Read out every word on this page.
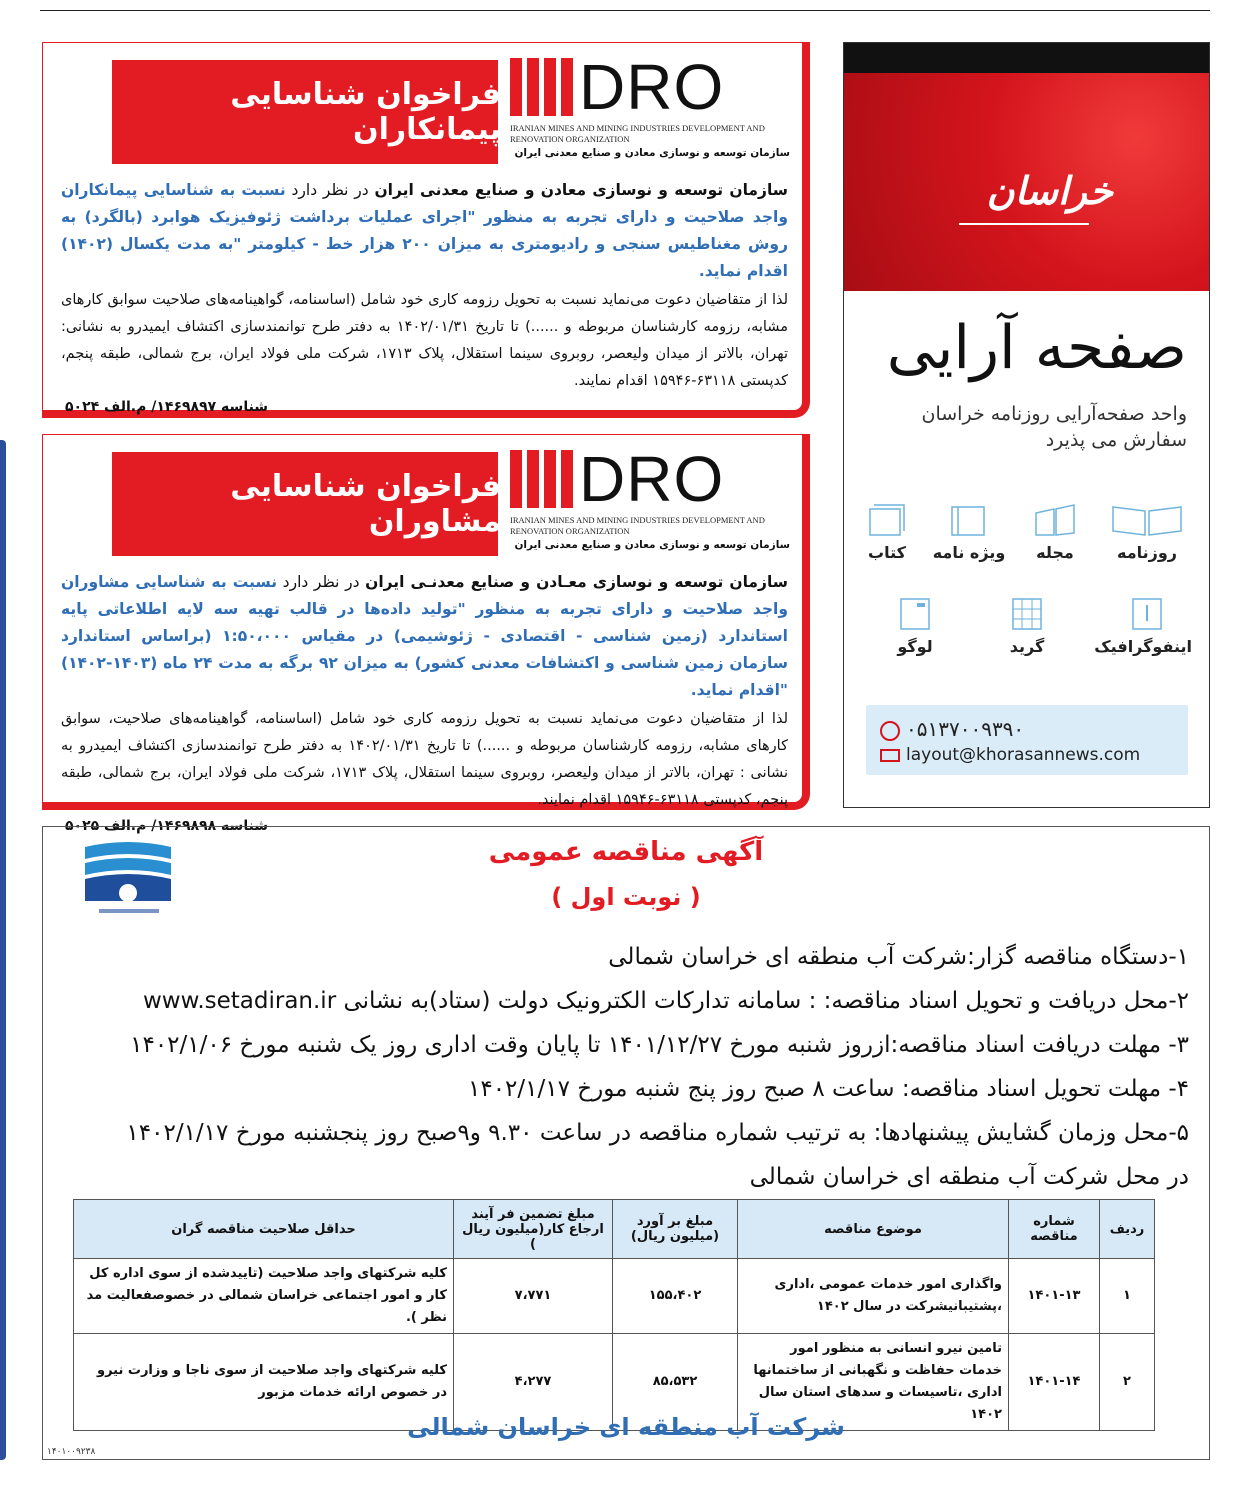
فراخوان شناسایی پیمانکاران
DRO
IRANIAN MINES AND MINING INDUSTRIES DEVELOPMENT AND RENOVATION ORGANIZATION
سازمان توسعه و نوسازی معادن و صنایع معدنی ایران
سازمان توسعه و نوسازی معادن و صنایع معدنی ایران در نظر دارد نسبت به شناسایی پیمانکاران واجد صلاحیت و دارای تجربه به منظور "اجرای عملیات برداشت ژئوفیزیک هوابرد (بالگرد) به روش مغناطیس سنجی و رادیومتری به میزان ۲۰۰ هزار خط - کیلومتر "به مدت یکسال (۱۴۰۲) اقدام نماید.
لذا از متقاضیان دعوت می‌نماید نسبت به تحویل رزومه کاری خود شامل (اساسنامه، گواهینامه‌های صلاحیت سوابق کارهای مشابه، رزومه کارشناسان مربوطه و ......) تا تاریخ ۱۴۰۲/۰۱/۳۱ به دفتر طرح توانمندسازی اکتشاف ایمیدرو به نشانی: تهران، بالاتر از میدان ولیعصر، روبروی سینما استقلال، پلاک ۱۷۱۳، شرکت ملی فولاد ایران، برج شمالی، طبقه پنجم، کدپستی ۶۳۱۱۸-۱۵۹۴۶ اقدام نمایند.
شناسه ۱۴۶۹۸۹۷/ م.الف ۵۰۲۴
فراخوان شناسایی مشاوران
DRO
IRANIAN MINES AND MINING INDUSTRIES DEVELOPMENT AND RENOVATION ORGANIZATION
سازمان توسعه و نوسازی معادن و صنایع معدنی ایران
سازمان توسعه و نوسازی معـادن و صنایع معدنـی ایران در نظر دارد نسبت به شناسایی مشاوران واجد صلاحیت و دارای تجربه به منظور "تولید داده‌ها در قالب تهیه سه لایه اطلاعاتی پایه استاندارد (زمین شناسی - اقتصادی - ژئوشیمی) در مقیاس ۱:۵۰،۰۰۰ (براساس استاندارد سازمان زمین شناسی و اکتشافات معدنی کشور) به میزان ۹۲ برگه به مدت ۲۴ ماه (۱۴۰۳-۱۴۰۲) "اقدام نماید.
لذا از متقاضیان دعوت می‌نماید نسبت به تحویل رزومه کاری خود شامل (اساسنامه، گواهینامه‌های صلاحیت، سوابق کارهای مشابه، رزومه کارشناسان مربوطه و ......) تا تاریخ ۱۴۰۲/۰۱/۳۱ به دفتر طرح توانمندسازی اکتشاف ایمیدرو به نشانی : تهران، بالاتر از میدان ولیعصر، روبروی سینما استقلال، پلاک ۱۷۱۳، شرکت ملی فولاد ایران، برج شمالی، طبقه پنجم، کدپستی ۶۳۱۱۸-۱۵۹۴۶ اقدام نمایند.
شناسه ۱۴۶۹۸۹۸/ م.الف ۵۰۲۵
خراسان
صفحه آرایی
واحد صفحه‌آرایی روزنامه خراسان سفارش می پذیرد
روزنامه
مجله
ویژه نامه
کتاب
اینفوگرافیک
گرید
لوگو
۰۵۱۳۷۰۰۹۳۹۰
layout@khorasannews.com
آگهی مناقصه عمومی
( نوبت اول )
۱-دستگاه مناقصه گزار:شرکت آب منطقه ای خراسان شمالی
۲-محل دریافت و تحویل اسناد مناقصه: : سامانه تدارکات الکترونیک دولت (ستاد)به نشانی www.setadiran.ir
۳- مهلت دریافت اسناد مناقصه:ازروز شنبه مورخ ۱۴۰۱/۱۲/۲۷ تا پایان وقت اداری روز یک شنبه مورخ ۱۴۰۲/۱/۰۶
۴- مهلت تحویل اسناد مناقصه: ساعت ۸ صبح روز پنج شنبه مورخ ۱۴۰۲/۱/۱۷
۵-محل وزمان گشایش پیشنهادها: به ترتیب شماره مناقصه در ساعت ۹.۳۰ و۹صبح روز پنجشنبه مورخ ۱۴۰۲/۱/۱۷
در محل شرکت آب منطقه ای خراسان شمالی
ردیف	شماره مناقصه	موضوع مناقصه	مبلغ بر آورد (میلیون ریال)	مبلغ تضمین فر آیند ارجاع کار(میلیون ریال )	حداقل صلاحیت مناقصه گران
۱	۱۴۰۱-۱۳	واگذاری امور خدمات عمومی ،اداری ،پشتیبانیشرکت در سال ۱۴۰۲	۱۵۵،۴۰۲	۷،۷۷۱	کلیه شرکتهای واجد صلاحیت (تاییدشده از سوی اداره کل کار و امور اجتماعی خراسان شمالی در خصوصفعالیت مد نظر ).
۲	۱۴۰۱-۱۴	تامین نیرو انسانی به منظور امور خدمات حفاظت و نگهبانی از ساختمانها اداری ،تاسیسات و سدهای استان سال ۱۴۰۲	۸۵،۵۳۲	۴،۲۷۷	کلیه شرکتهای واجد صلاحیت از سوی ناجا و وزارت نیرو در خصوص ارائه خدمات مزبور
شرکت آب منطقه ای خراسان شمالی
۱۴۰۱۰۰۹۲۳۸
